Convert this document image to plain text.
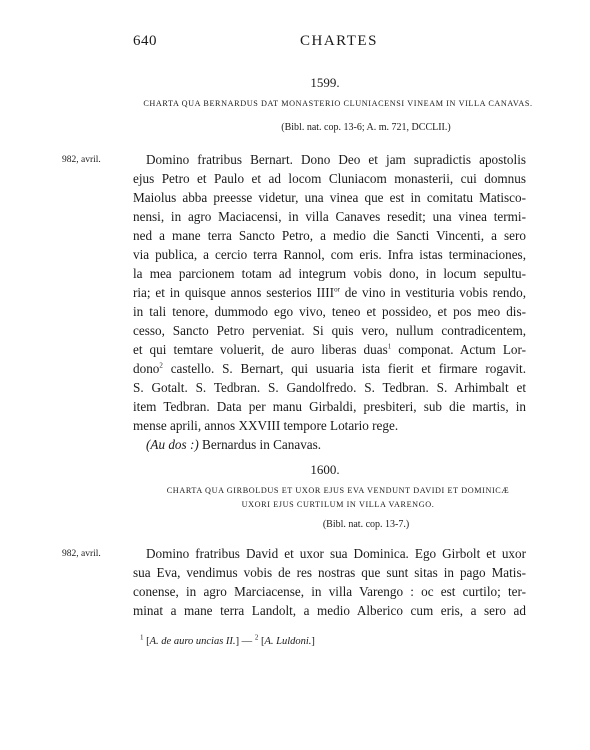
640	CHARTES
1599.
CHARTA QUA BERNARDUS DAT MONASTERIO CLUNIACENSI VINEAM IN VILLA CANAVAS.
(Bibl. nat. cop. 13-6; A. m. 721, DCCLII.)
982, avril.	Domino fratribus Bernart. Dono Deo et jam supradictis apostolis
ejus Petro et Paulo et ad locom Cluniacom monasterii, cui domnus
Maiolus abba preesse videtur, una vinea que est in comitatu Matisco-
nensi, in agro Maciacensi, in villa Canaves resedit; una vinea termi-
ned a mane terra Sancto Petro, a medio die Sancti Vincenti, a sero
via publica, a cercio terra Rannol, com eris. Infra istas terminaciones,
la mea parcionem totam ad integrum vobis dono, in locum sepultu-
ria; et in quisque annos sesterios $IIII^{or}$ de vino in vestituria vobis rendo,
in tali tenore, dummodo ego vivo, teneo et possideo, et pos meo dis-
cesso, Sancto Petro perveniat. Si quis vero, nullum contradicentem,
et qui temtare voluerit, de auro liberas duas$^1$ componat. Actum Lor-
dono$^2$ castello. S. Bernart, qui usuaria ista fierit et firmare rogavit.
S. Gotalt. S. Tedbran. S. Gandolfredo. S. Tedbran. S. Arhimbalt et
item Tedbran. Data per manu Girbaldi, presbiteri, sub die martis, in
mense aprili, annos XXVIII tempore Lotario rege.
(Au dos :) Bernardus in Canavas.
1600.
CHARTA QUA GIRBOLDUS ET UXOR EJUS EVA VENDUNT DAVIDI ET DOMINICÆ
UXORI EJUS CURTILUM IN VILLA VARENGO.
(Bibl. nat. cop. 13-7.)
982, avril.	Domino fratribus David et uxor sua Dominica. Ego Girbolt et uxor
sua Eva, vendimus vobis de res nostras que sunt sitas in pago Matis-
conense, in agro Marciacense, in villa Varengo : oc est curtilo; ter-
minat a mane terra Landolt, a medio Alberico cum eris, a sero ad
$^1$ [A. de auro uncias II.] — $^2$ [A. Luldoni.]
